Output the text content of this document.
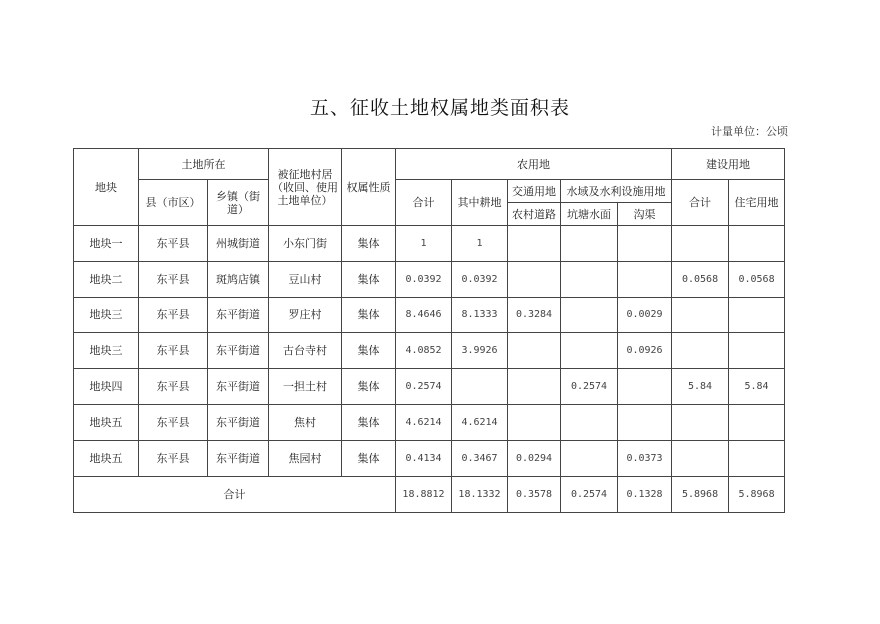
五、征收土地权属地类面积表
计量单位：公顷
地块	土地所在		被征地村居（收回、使用土地单位）	权属性质	农用地					建设用地	
	县（市区）	乡镇（街道）			合计	其中耕地	交通用地	水域及水利设施用地		合计	住宅用地
							农村道路	坑塘水面	沟渠		
地块一	东平县	州城街道	小东门街	集体	1	1					
地块二	东平县	斑鸠店镇	豆山村	集体	0.0392	0.0392				0.0568	0.0568
地块三	东平县	东平街道	罗庄村	集体	8.4646	8.1333	0.3284		0.0029		
地块三	东平县	东平街道	古台寺村	集体	4.0852	3.9926			0.0926		
地块四	东平县	东平街道	一担土村	集体	0.2574			0.2574		5.84	5.84
地块五	东平县	东平街道	焦村	集体	4.6214	4.6214					
地块五	东平县	东平街道	焦园村	集体	0.4134	0.3467	0.0294		0.0373		
合计					18.8812	18.1332	0.3578	0.2574	0.1328	5.8968	5.8968
